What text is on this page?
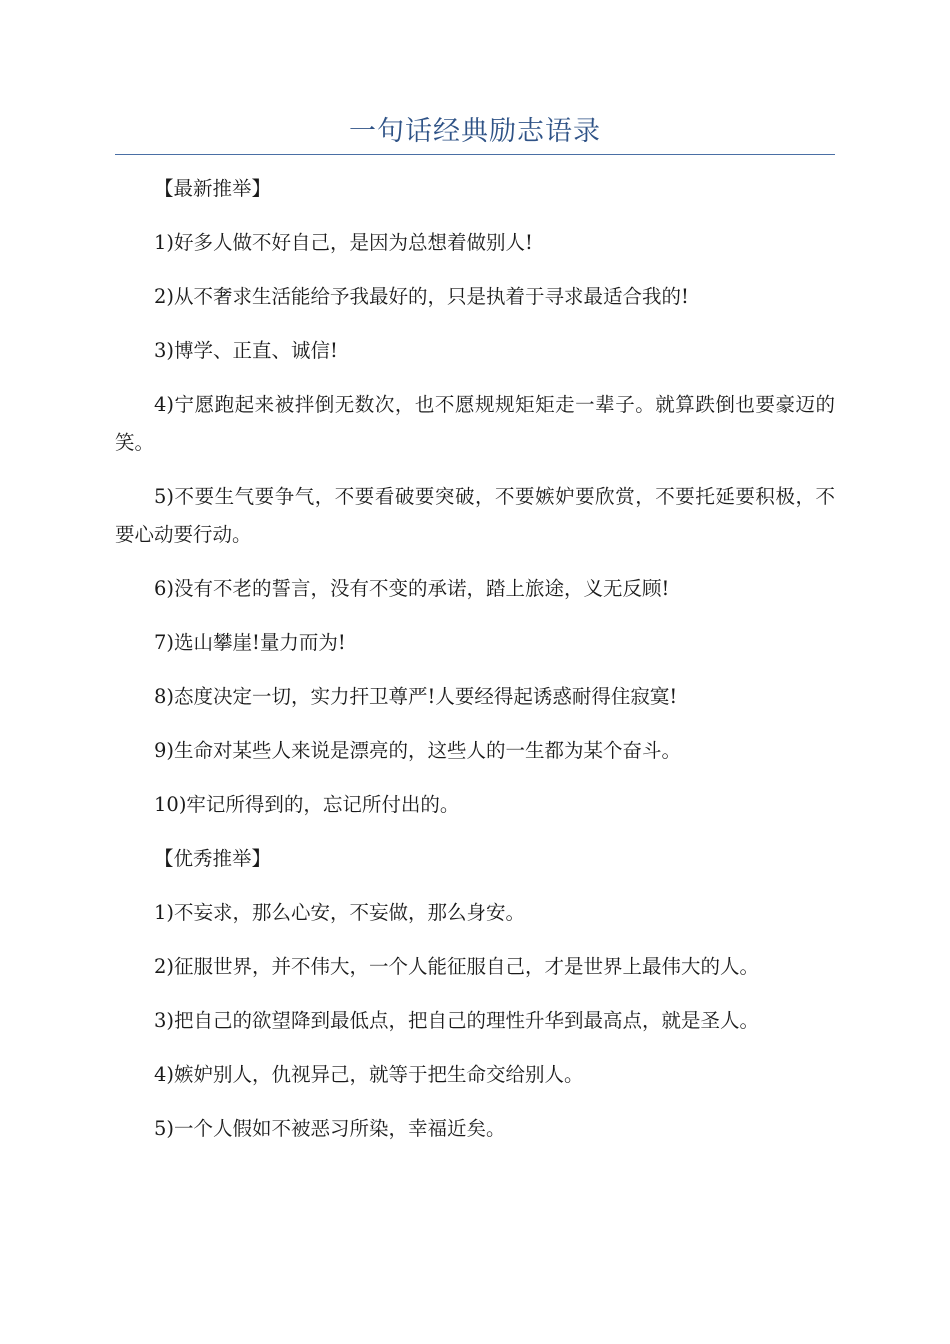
一句话经典励志语录

【最新推举】

1)好多人做不好自己，是因为总想着做别人!

2)从不奢求生活能给予我最好的，只是执着于寻求最适合我的!

3)博学、正直、诚信!

4)宁愿跑起来被拌倒无数次，也不愿规规矩矩走一辈子。就算跌倒也要豪迈的笑。

5)不要生气要争气，不要看破要突破，不要嫉妒要欣赏，不要托延要积极，不要心动要行动。

6)没有不老的誓言，没有不变的承诺，踏上旅途，义无反顾!

7)选山攀崖!量力而为!

8)态度决定一切，实力扞卫尊严!人要经得起诱惑耐得住寂寞!

9)生命对某些人来说是漂亮的，这些人的一生都为某个奋斗。

10)牢记所得到的，忘记所付出的。

【优秀推举】

1)不妄求，那么心安，不妄做，那么身安。

2)征服世界，并不伟大，一个人能征服自己，才是世界上最伟大的人。

3)把自己的欲望降到最低点，把自己的理性升华到最高点，就是圣人。

4)嫉妒别人，仇视异己，就等于把生命交给别人。

5)一个人假如不被恶习所染，幸福近矣。
